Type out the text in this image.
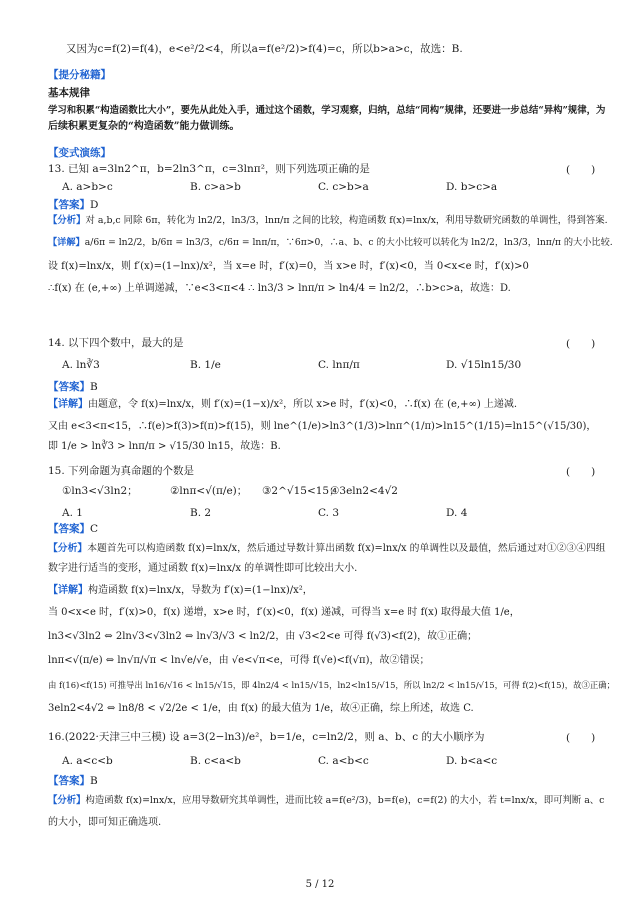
又因为c=f(2)=f(4)，e<e²/2<4，所以a=f(e²/2)>f(4)=c，所以b>a>c，故选：B.
【提分秘籍】
基本规律
学习和积累“构造函数比大小”，要先从此处入手，通过这个函数，学习观察，归纳，总结“同构”规律，还要进一步总结“异构”规律，为
后续积累更复杂的“构造函数”能力做训练。
【变式演练】
13. 已知 a=3ln2^π，b=2ln3^π，c=3lnπ²，则下列选项正确的是	(　　)
A. a>b>c	B. c>a>b	C. c>b>a	D. b>c>a
【答案】D
【分析】对 a,b,c 同除 6π，转化为 ln2/2，ln3/3，lnπ/π 之间的比较，构造函数 f(x)=lnx/x，利用导数研究函数的单调性，得到答案.
【详解】a/6π = ln2/2，b/6π = ln3/3，c/6π = lnπ/π，∵6π>0，∴a、b、c 的大小比较可以转化为 ln2/2，ln3/3，lnπ/π 的大小比较.
设 f(x)=lnx/x，则 f′(x)=(1−lnx)/x²，当 x=e 时，f′(x)=0，当 x>e 时，f′(x)<0，当 0<x<e 时，f′(x)>0
∴f(x) 在 (e,+∞) 上单调递减，∵e<3<π<4 ∴ ln3/3 > lnπ/π > ln4/4 = ln2/2，∴b>c>a，故选：D.
14. 以下四个数中，最大的是	(　　)
A. ln∛3	B. 1/e	C. lnπ/π	D. √15ln15/30
【答案】B
【详解】由题意，令 f(x)=lnx/x，则 f′(x)=(1−x)/x²，所以 x>e 时，f′(x)<0，∴f(x) 在 (e,+∞) 上递减.
又由 e<3<π<15，∴f(e)>f(3)>f(π)>f(15)，则 lne^(1/e)>ln3^(1/3)>lnπ^(1/π)>ln15^(1/15)=ln15^(√15/30)，
即 1/e > ln∛3 > lnπ/π > √15/30 ln15，故选：B.
15. 下列命题为真命题的个数是	(　　)
①ln3<√3ln2；	②lnπ<√(π/e)； ③2^√15<15；
④3eln2<4√2
A. 1	B. 2	C. 3	D. 4
【答案】C
【分析】本题首先可以构造函数 f(x)=lnx/x，然后通过导数计算出函数 f(x)=lnx/x 的单调性以及最值，然后通过对①②③④四组
数字进行适当的变形，通过函数 f(x)=lnx/x 的单调性即可比较出大小.
【详解】构造函数 f(x)=lnx/x，导数为 f′(x)=(1−lnx)/x²，
当 0<x<e 时，f′(x)>0，f(x) 递增，x>e 时，f′(x)<0，f(x) 递减，可得当 x=e 时 f(x) 取得最大值 1/e，
ln3<√3ln2 ⇔ 2ln√3<√3ln2 ⇔ ln√3/√3 < ln2/2，由 √3<2<e 可得 f(√3)<f(2)，故①正确；
lnπ<√(π/e) ⇔ ln√π/√π < ln√e/√e，由 √e<√π<e，可得 f(√e)<f(√π)，故②错误；
由 f(16)<f(15) 可推导出 ln16/√16 < ln15/√15，即 4ln2/4 < ln15/√15，ln2<ln15/√15，所以 ln2/2 < ln15/√15，可得 f(2)<f(15)，故③正确；
3eln2<4√2 ⇔ ln8/8 < √2/2e < 1/e，由 f(x) 的最大值为 1/e，故④正确，综上所述，故选 C.
16.(2022·天津三中三模) 设 a=3(2−ln3)/e²，b=1/e，c=ln2/2，则 a、b、c 的大小顺序为	(　　)
A. a<c<b	B. c<a<b	C. a<b<c	D. b<a<c
【答案】B
【分析】构造函数 f(x)=lnx/x，应用导数研究其单调性，进而比较 a=f(e²/3)，b=f(e)，c=f(2) 的大小，若 t=lnx/x，即可判断 a、c
的大小，即可知正确选项.
5 / 12
